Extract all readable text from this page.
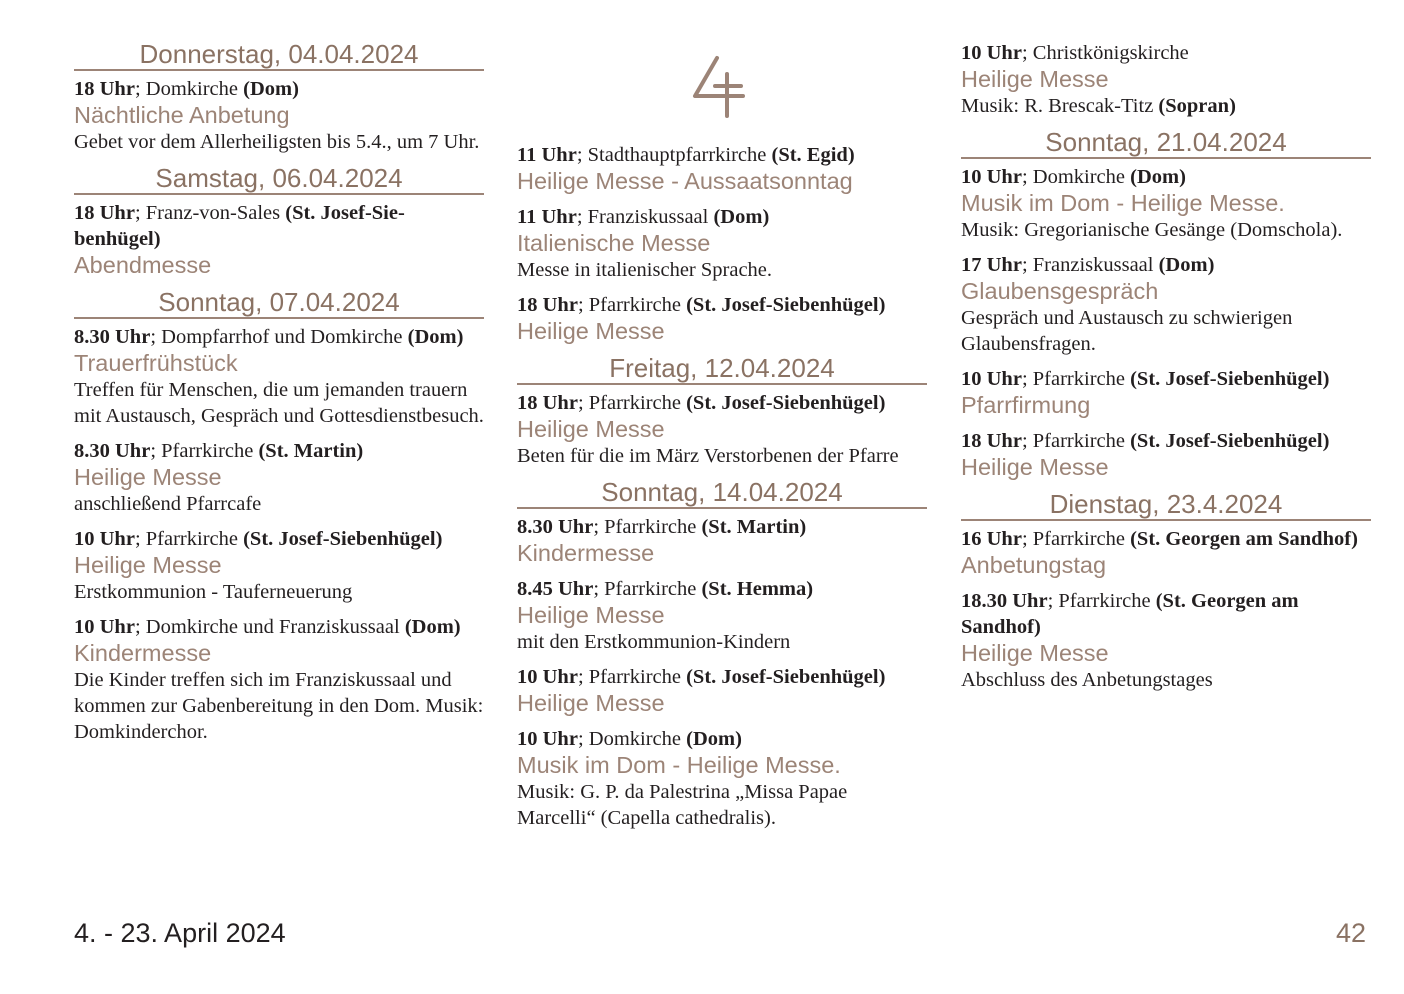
Donnerstag, 04.04.2024
18 Uhr; Domkirche (Dom)
Nächtliche Anbetung
Gebet vor dem Allerheiligsten bis 5.4., um 7 Uhr.
Samstag, 06.04.2024
18 Uhr; Franz-von-Sales (St. Josef-Sie- benhügel)
Abendmesse
Sonntag, 07.04.2024
8.30 Uhr; Dompfarrhof und Domkirche (Dom)
Trauerfrühstück
Treffen für Menschen, die um jemanden trauern mit Austausch, Gespräch und Gottesdienstbesuch.
8.30 Uhr; Pfarrkirche (St. Martin)
Heilige Messe
anschließend Pfarrcafe
10 Uhr; Pfarrkirche (St. Josef-Siebenhügel)
Heilige Messe
Erstkommunion - Tauferneuerung
10 Uhr; Domkirche und Franziskussaal (Dom)
Kindermesse
Die Kinder treffen sich im Franziskussaal und kommen zur Gabenbereitung in den Dom. Musik: Domkinderchor.
11 Uhr; Stadthauptpfarrkirche (St. Egid)
Heilige Messe - Aussaatsonntag
11 Uhr; Franziskussaal (Dom)
Italienische Messe
Messe in italienischer Sprache.
18 Uhr; Pfarrkirche (St. Josef-Siebenhügel)
Heilige Messe
Freitag, 12.04.2024
18 Uhr; Pfarrkirche (St. Josef-Siebenhügel)
Heilige Messe
Beten für die im März Verstorbenen der Pfarre
Sonntag, 14.04.2024
8.30 Uhr; Pfarrkirche (St. Martin)
Kindermesse
8.45 Uhr; Pfarrkirche (St. Hemma)
Heilige Messe
mit den Erstkommunion-Kindern
10 Uhr; Pfarrkirche (St. Josef-Siebenhügel)
Heilige Messe
10 Uhr; Domkirche (Dom)
Musik im Dom - Heilige Messe.
Musik: G. P. da Palestrina „Missa Papae Marcelli“ (Capella cathedralis).
10 Uhr; Christkönigskirche
Heilige Messe
Musik: R. Brescak-Titz (Sopran)
Sonntag, 21.04.2024
10 Uhr; Domkirche (Dom)
Musik im Dom - Heilige Messe.
Musik: Gregorianische Gesänge (Domschola).
17 Uhr; Franziskussaal (Dom)
Glaubensgespräch
Gespräch und Austausch zu schwierigen Glaubensfragen.
10 Uhr; Pfarrkirche (St. Josef-Siebenhügel)
Pfarrfirmung
18 Uhr; Pfarrkirche (St. Josef-Siebenhügel)
Heilige Messe
Dienstag, 23.4.2024
16 Uhr; Pfarrkirche (St. Georgen am Sandhof)
Anbetungstag
18.30 Uhr; Pfarrkirche (St. Georgen am Sandhof)
Heilige Messe
Abschluss des Anbetungstages
4. - 23. April 2024	42
